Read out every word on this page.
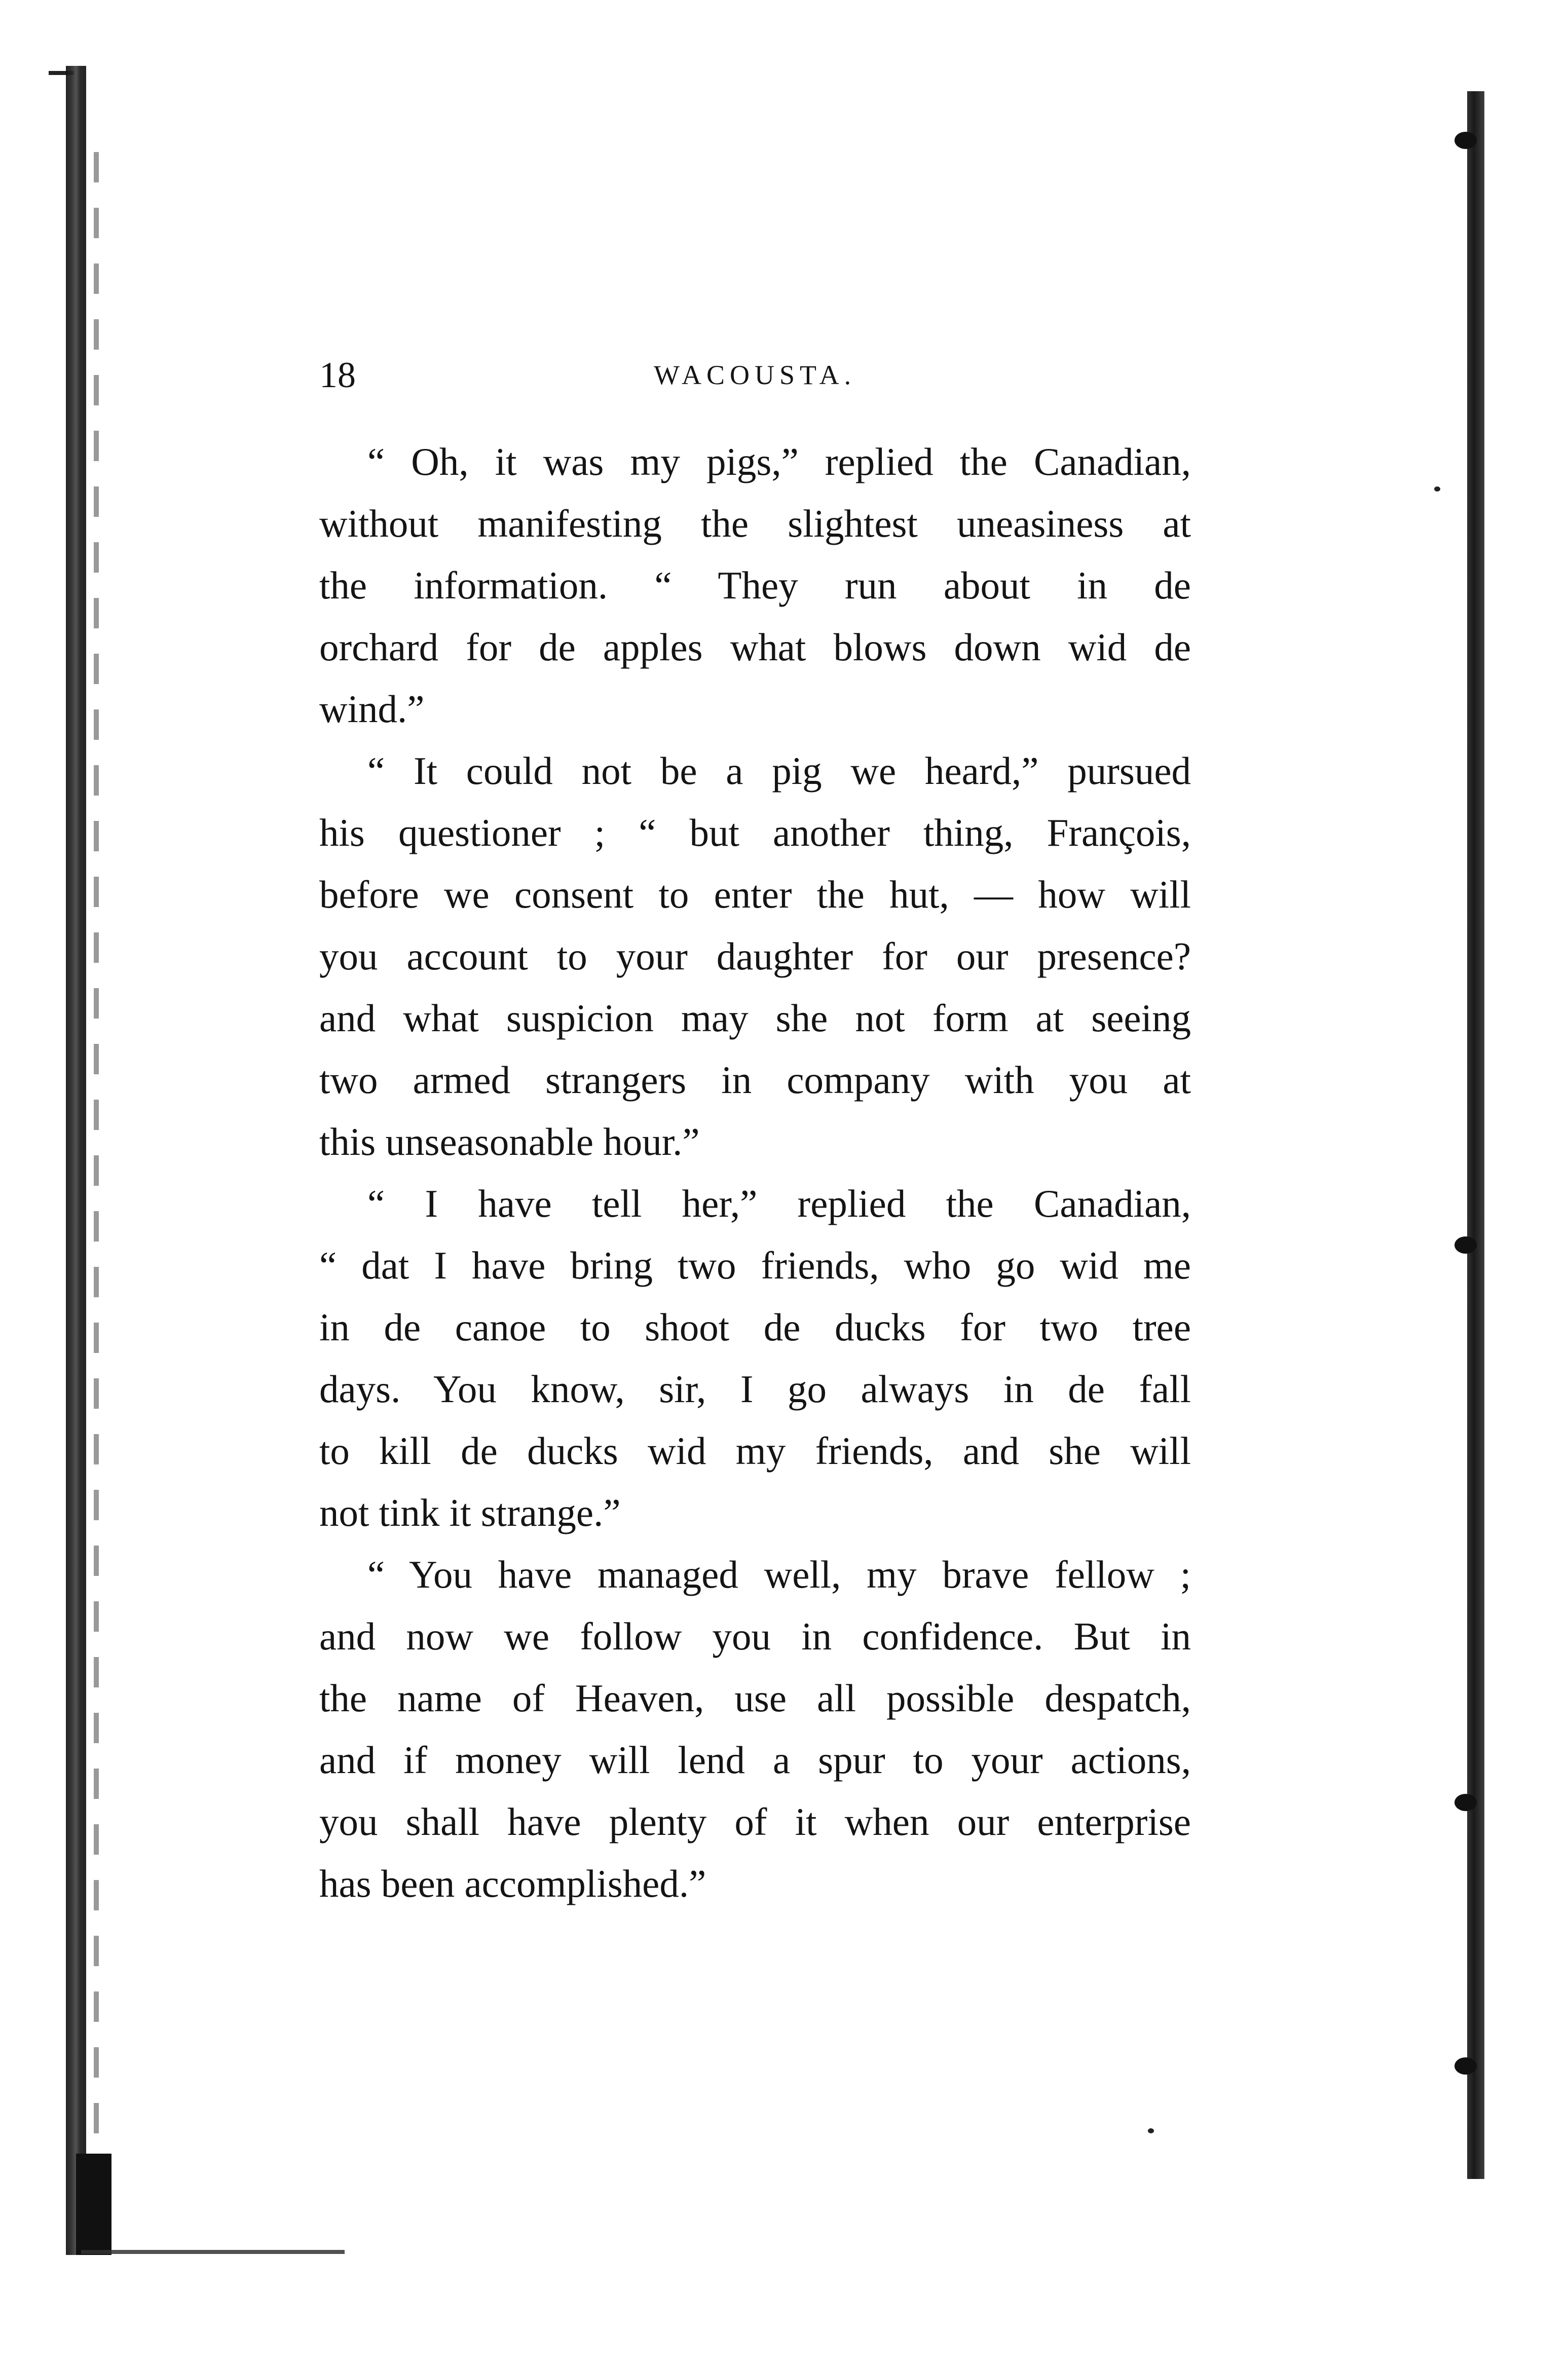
18	WACOUSTA.
“ Oh, it was my pigs,” replied the Canadian,
without manifesting the slightest uneasiness at
the information. “ They run about in de
orchard for de apples what blows down wid de
wind.”
“ It could not be a pig we heard,” pursued
his questioner ; “ but another thing, François,
before we consent to enter the hut, — how will
you account to your daughter for our presence?
and what suspicion may she not form at seeing
two armed strangers in company with you at
this unseasonable hour.”
“ I have tell her,” replied the Canadian,
“ dat I have bring two friends, who go wid me
in de canoe to shoot de ducks for two tree
days. You know, sir, I go always in de fall
to kill de ducks wid my friends, and she will
not tink it strange.”
“ You have managed well, my brave fellow ;
and now we follow you in confidence. But in
the name of Heaven, use all possible despatch,
and if money will lend a spur to your actions,
you shall have plenty of it when our enterprise
has been accomplished.”
